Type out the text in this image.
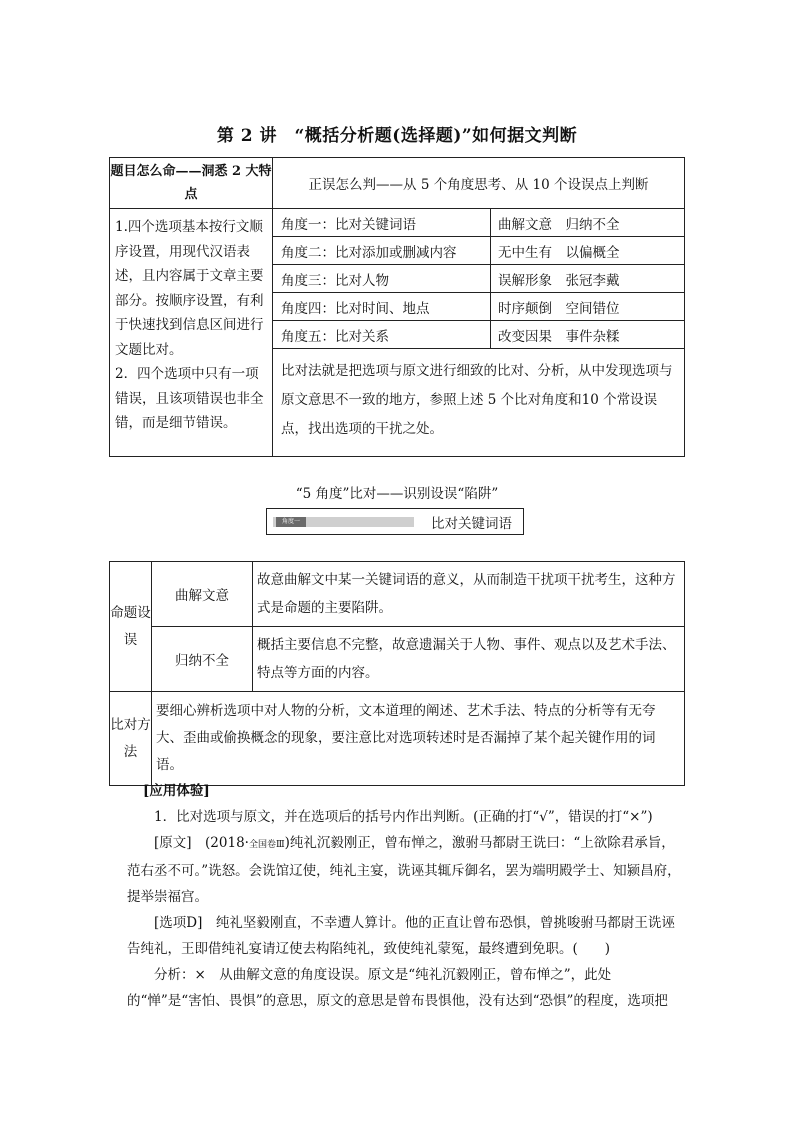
第 2 讲　“概括分析题(选择题)”如何据文判断
题目怎么命——洞悉 2 大特点	正误怎么判——从 5 个角度思考、从 10 个设误点上判断	

1.四个选项基本按行文顺序设置，用现代汉语表述，且内容属于文章主要部分。按顺序设置，有利于快速找到信息区间进行文题比对。
2．四个选项中只有一项错误，且该项错误也非全错，而是细节错误。	角度一：比对关键词语	曲解文意　归纳不全
	角度二：比对添加或删减内容	无中生有　以偏概全
	角度三：比对人物	误解形象　张冠李戴
	角度四：比对时间、地点	时序颠倒　空间错位
	角度五：比对关系	改变因果　事件杂糅
	比对法就是把选项与原文进行细致的比对、分析，从中发现选项与原文意思不一致的地方，参照上述 5 个比对角度和10 个常设误点，找出选项的干扰之处。	
“5 角度”比对——识别设误“陷阱”
角度一	比对关键词语
命题设误	曲解文意	故意曲解文中某一关键词语的意义，从而制造干扰项干扰考生，这种方式是命题的主要陷阱。
	归纳不全	概括主要信息不完整，故意遗漏关于人物、事件、观点以及艺术手法、特点等方面的内容。
比对方法	要细心辨析选项中对人物的分析，文本道理的阐述、艺术手法、特点的分析等有无夸大、歪曲或偷换概念的现象，要注意比对选项转述时是否漏掉了某个起关键作用的词语。	
[应用体验]

1．比对选项与原文，并在选项后的括号内作出判断。(正确的打“√”，错误的打“×”)

[原文]　(2018·全国卷Ⅲ)纯礼沉毅刚正，曾布惮之，激驸马都尉王诜曰：“上欲除君承旨，范右丞不可。”诜怒。会诜馆辽使，纯礼主宴，诜诬其辄斥御名，罢为端明殿学士、知颍昌府，提举崇福宫。

[选项D]　纯礼坚毅刚直，不幸遭人算计。他的正直让曾布恐惧，曾挑唆驸马都尉王诜诬告纯礼，王即借纯礼宴请辽使去构陷纯礼，致使纯礼蒙冤，最终遭到免职。(　　)

分析：×　从曲解文意的角度设误。原文是“纯礼沉毅刚正，曾布惮之”，此处的“惮”是“害怕、畏惧”的意思，原文的意思是曾布畏惧他，没有达到“恐惧”的程度，选项把
